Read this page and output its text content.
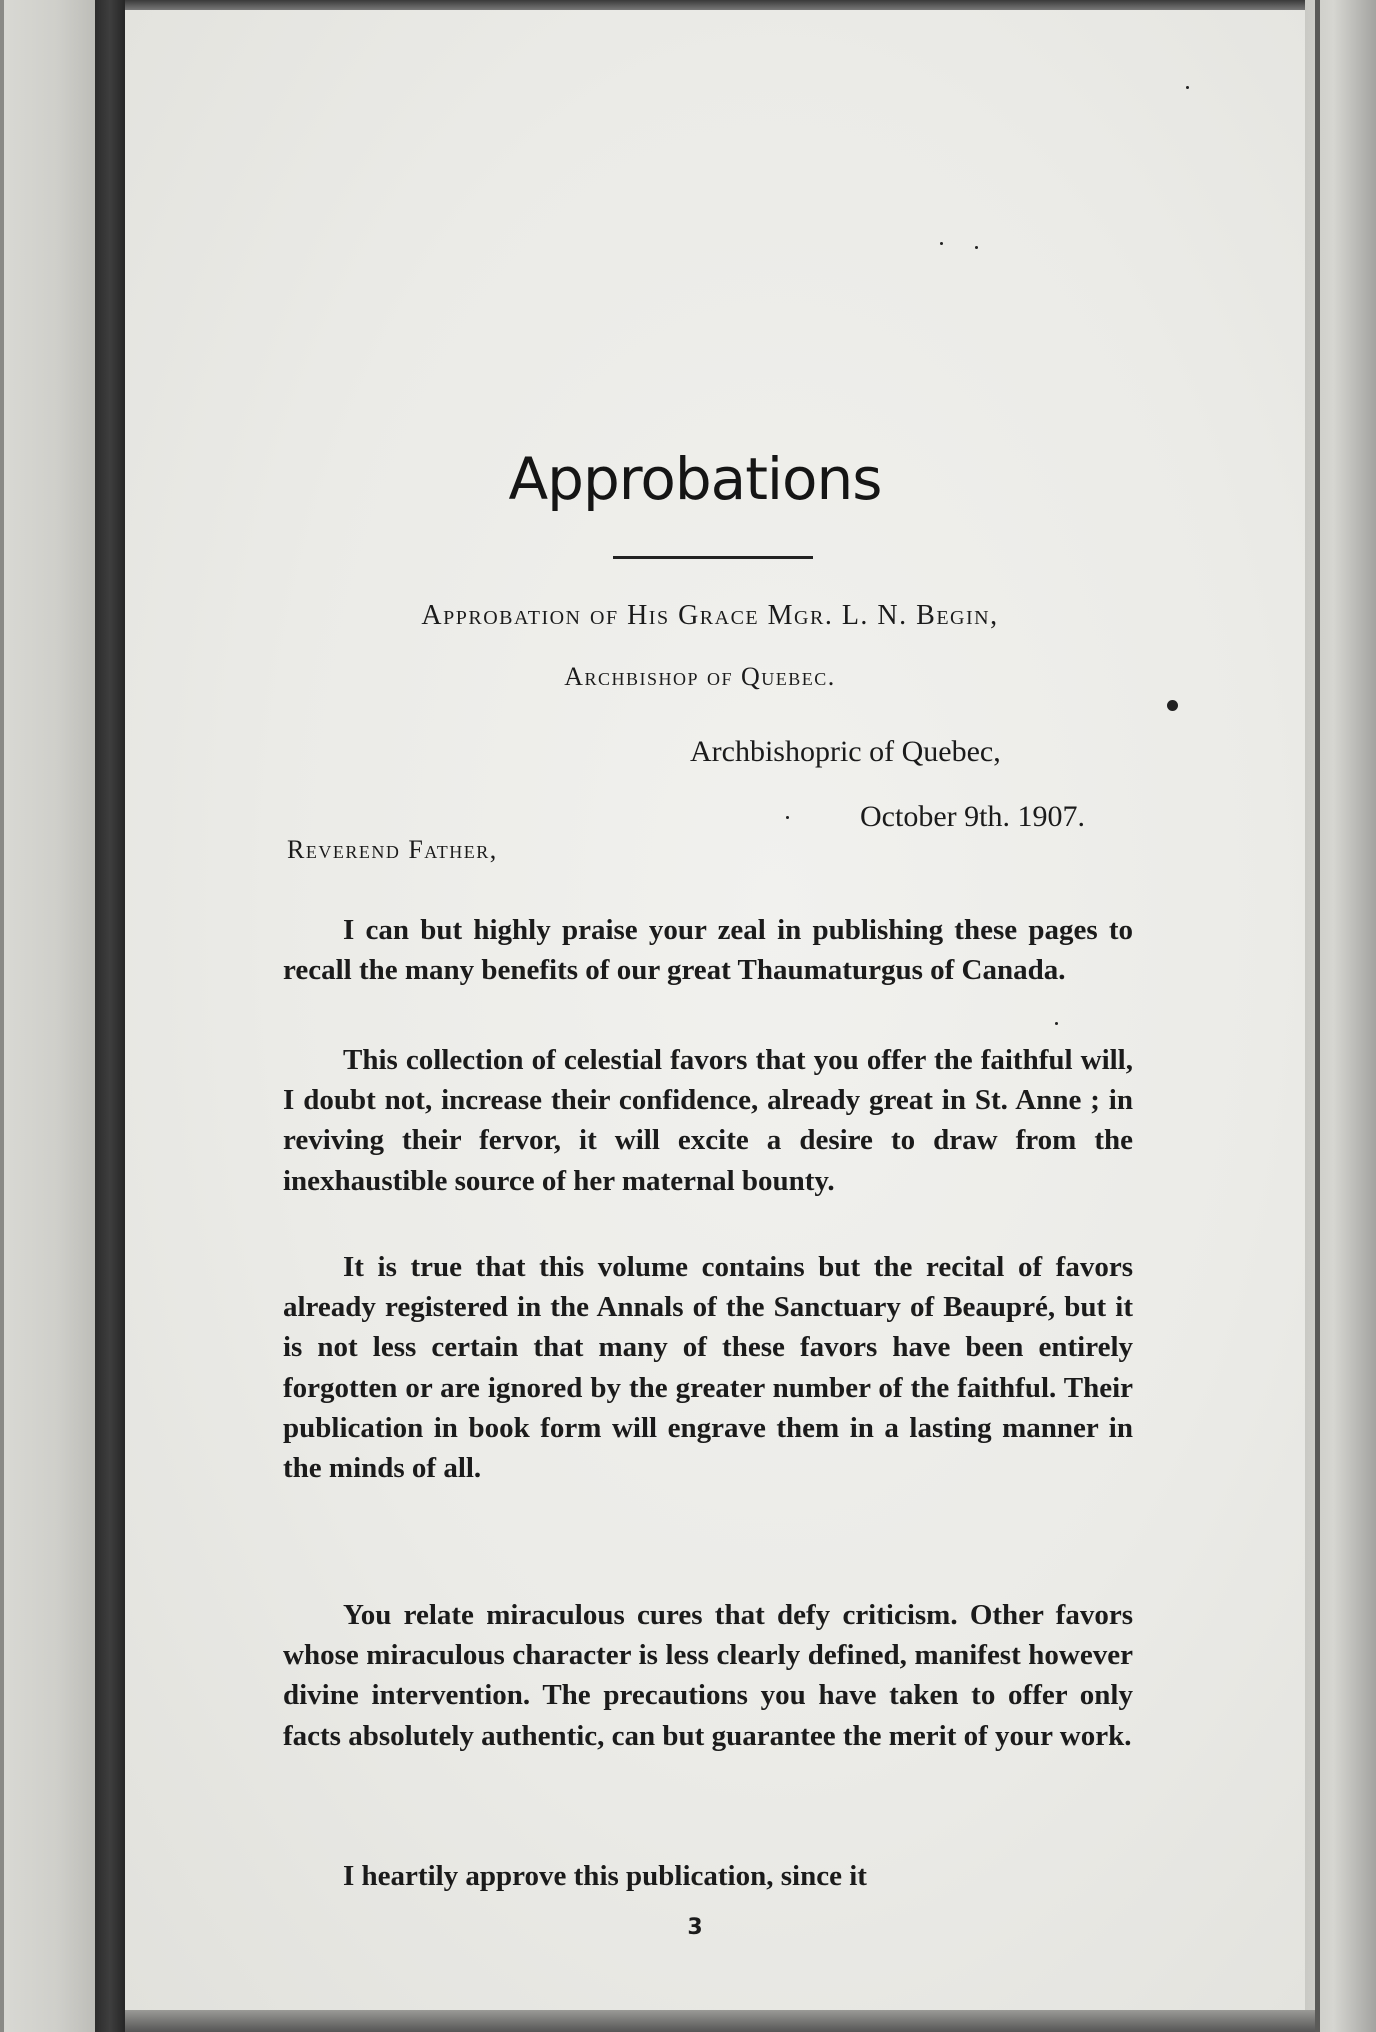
Approbations

Approbation of His Grace Mgr. L. N. Begin,

Archbishop of Quebec.

Archbishopric of Quebec,

October 9th. 1907.

Reverend Father,

I can but highly praise your zeal in publishing these pages to recall the many benefits of our great Thaumaturgus of Canada.

This collection of celestial favors that you offer the faithful will, I doubt not, increase their confidence, already great in St. Anne ; in reviving their fervor, it will excite a desire to draw from the inexhaustible source of her maternal bounty.

It is true that this volume contains but the recital of favors already registered in the Annals of the Sanctuary of Beaupré, but it is not less certain that many of these favors have been entirely forgotten or are ignored by the greater number of the faithful. Their publication in book form will engrave them in a lasting manner in the minds of all.

You relate miraculous cures that defy criticism. Other favors whose miraculous character is less clearly defined, manifest however divine intervention. The precautions you have taken to offer only facts absolutely authentic, can but guarantee the merit of your work.

I heartily approve this publication, since it

3
